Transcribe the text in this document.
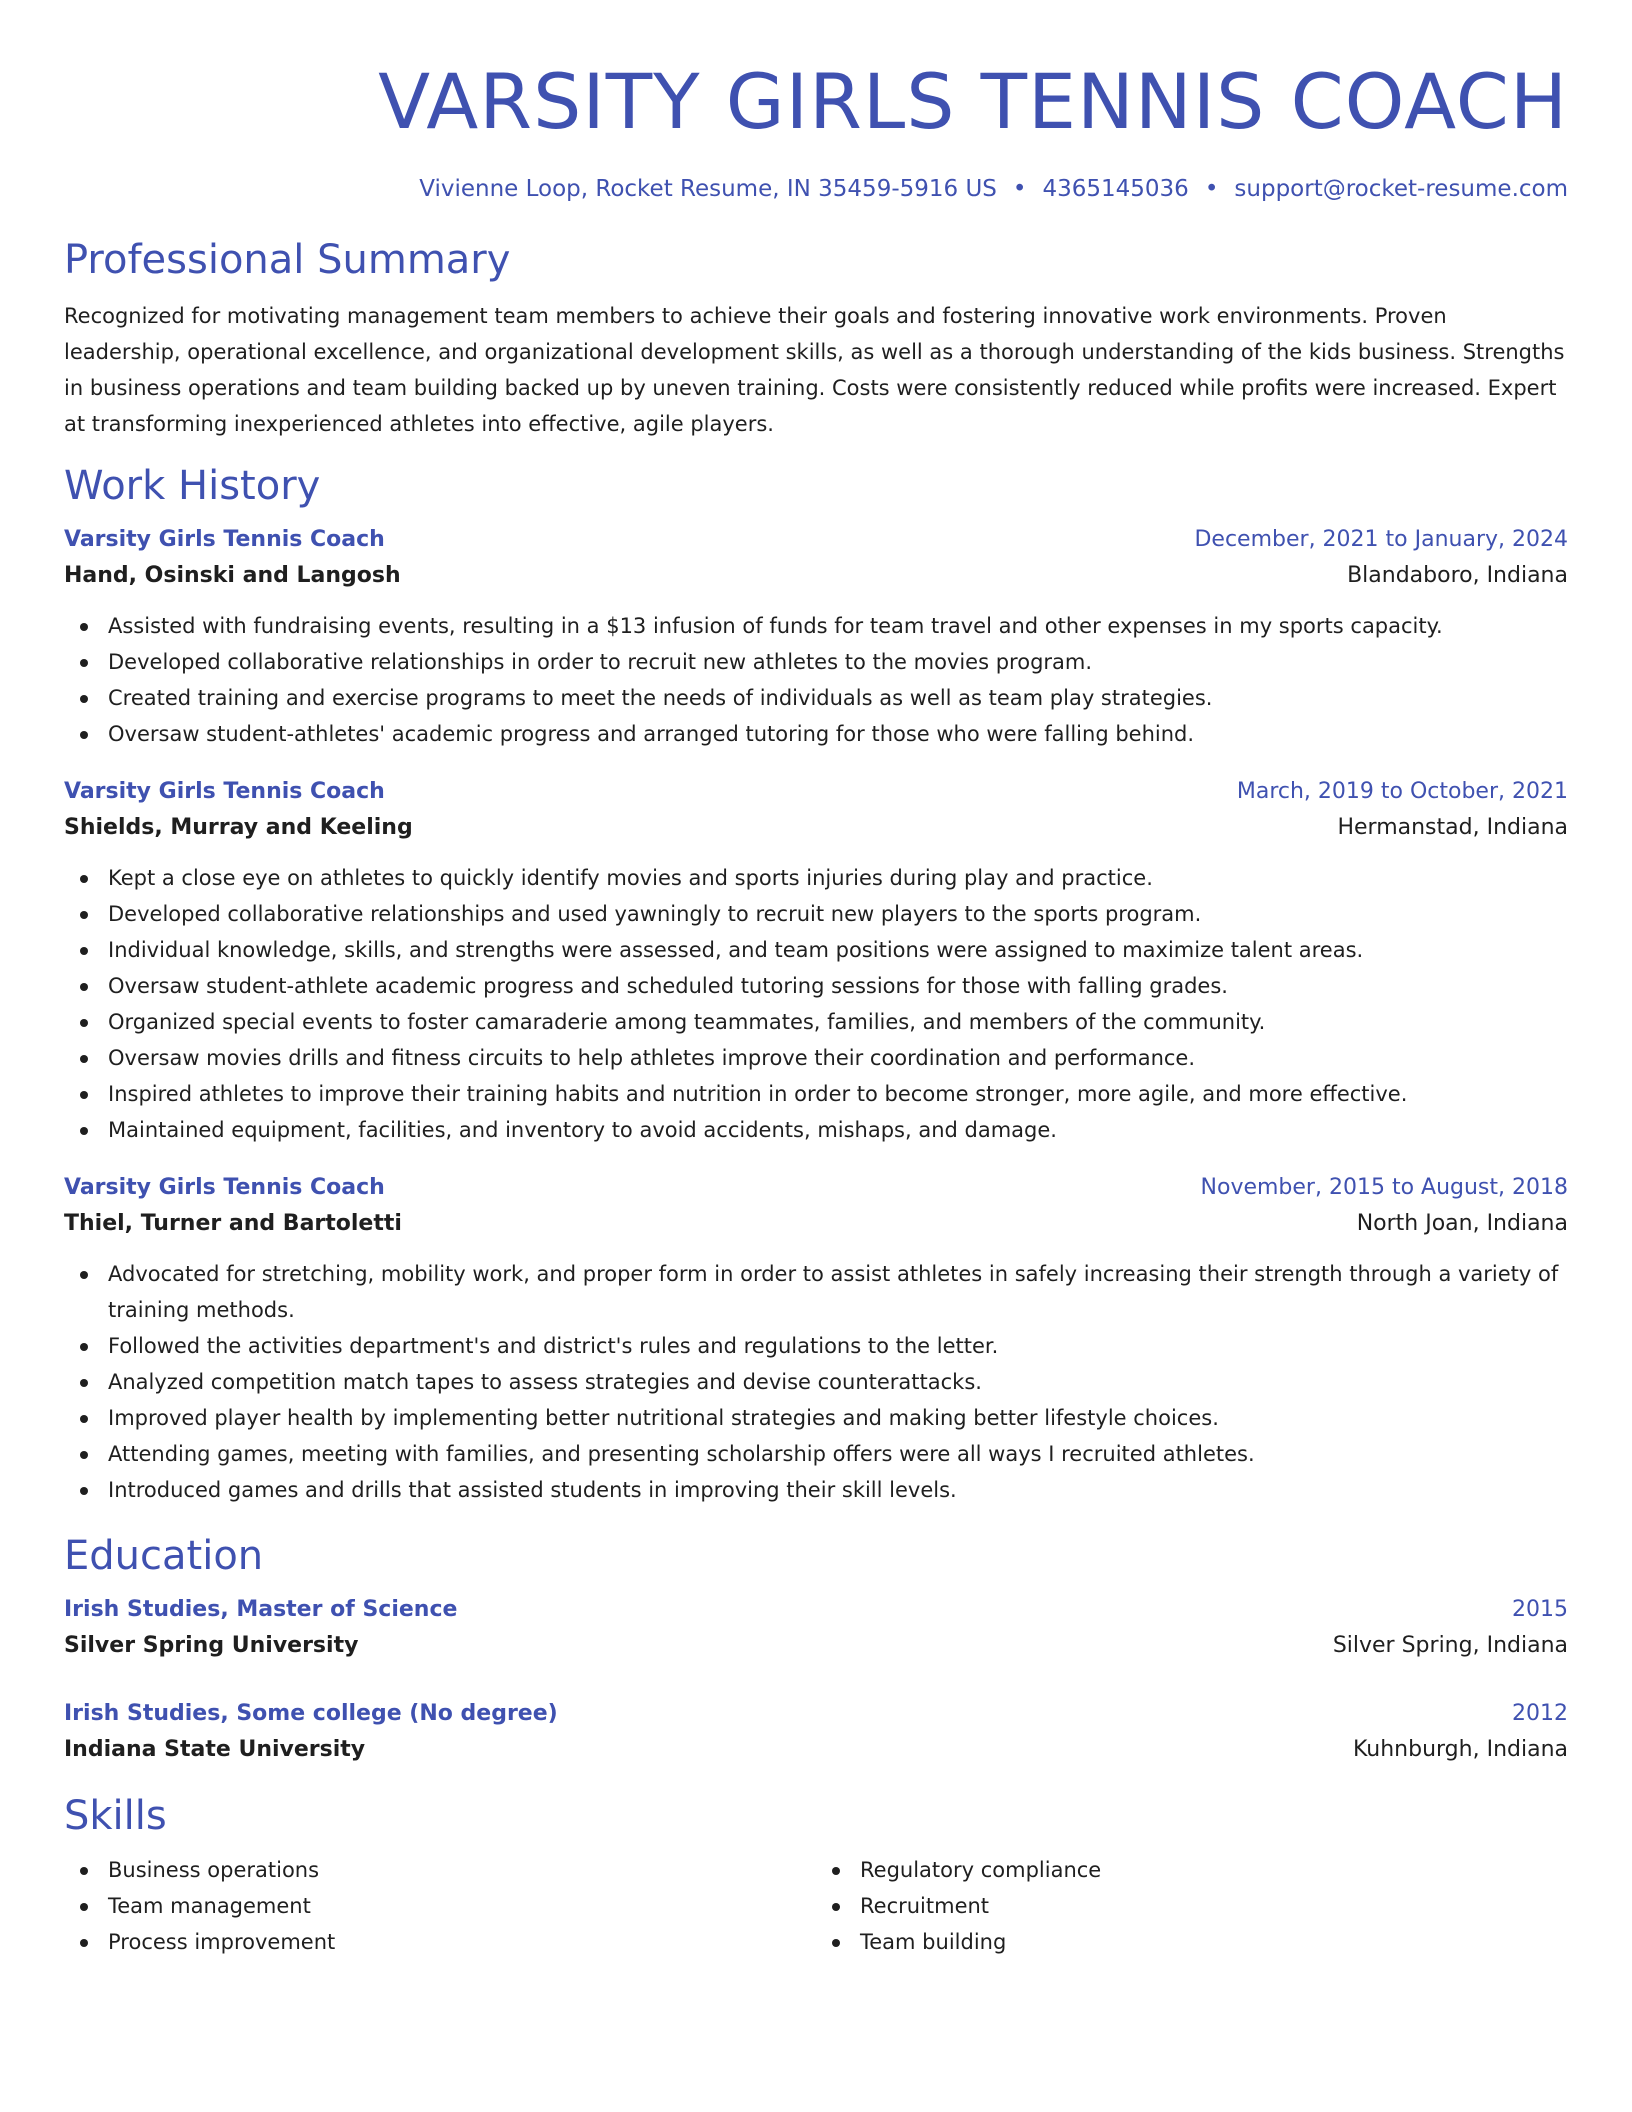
VARSITY GIRLS TENNIS COACH
Vivienne Loop, Rocket Resume, IN 35459-5916 US • 4365145036 • support@rocket-resume.com
Professional Summary

Recognized for motivating management team members to achieve their goals and fostering innovative work environments. Proven leadership, operational excellence, and organizational development skills, as well as a thorough understanding of the kids business. Strengths in business operations and team building backed up by uneven training. Costs were consistently reduced while profits were increased. Expert at transforming inexperienced athletes into effective, agile players.

Work History
Varsity Girls Tennis Coach	December, 2021 to January, 2024
Hand, Osinski and Langosh	Blandaboro, Indiana
Assisted with fundraising events, resulting in a $13 infusion of funds for team travel and other expenses in my sports capacity.
Developed collaborative relationships in order to recruit new athletes to the movies program.
Created training and exercise programs to meet the needs of individuals as well as team play strategies.
Oversaw student-athletes' academic progress and arranged tutoring for those who were falling behind.
Varsity Girls Tennis Coach	March, 2019 to October, 2021
Shields, Murray and Keeling	Hermanstad, Indiana
Kept a close eye on athletes to quickly identify movies and sports injuries during play and practice.
Developed collaborative relationships and used yawningly to recruit new players to the sports program.
Individual knowledge, skills, and strengths were assessed, and team positions were assigned to maximize talent areas.
Oversaw student-athlete academic progress and scheduled tutoring sessions for those with falling grades.
Organized special events to foster camaraderie among teammates, families, and members of the community.
Oversaw movies drills and fitness circuits to help athletes improve their coordination and performance.
Inspired athletes to improve their training habits and nutrition in order to become stronger, more agile, and more effective.
Maintained equipment, facilities, and inventory to avoid accidents, mishaps, and damage.
Varsity Girls Tennis Coach	November, 2015 to August, 2018
Thiel, Turner and Bartoletti	North Joan, Indiana
Advocated for stretching, mobility work, and proper form in order to assist athletes in safely increasing their strength through a variety of training methods.
Followed the activities department's and district's rules and regulations to the letter.
Analyzed competition match tapes to assess strategies and devise counterattacks.
Improved player health by implementing better nutritional strategies and making better lifestyle choices.
Attending games, meeting with families, and presenting scholarship offers were all ways I recruited athletes.
Introduced games and drills that assisted students in improving their skill levels.
Education
Irish Studies, Master of Science	2015
Silver Spring University	Silver Spring, Indiana
Irish Studies, Some college (No degree)	2012
Indiana State University	Kuhnburgh, Indiana
Skills
Business operations
Team management
Process improvement
Regulatory compliance
Recruitment
Team building
